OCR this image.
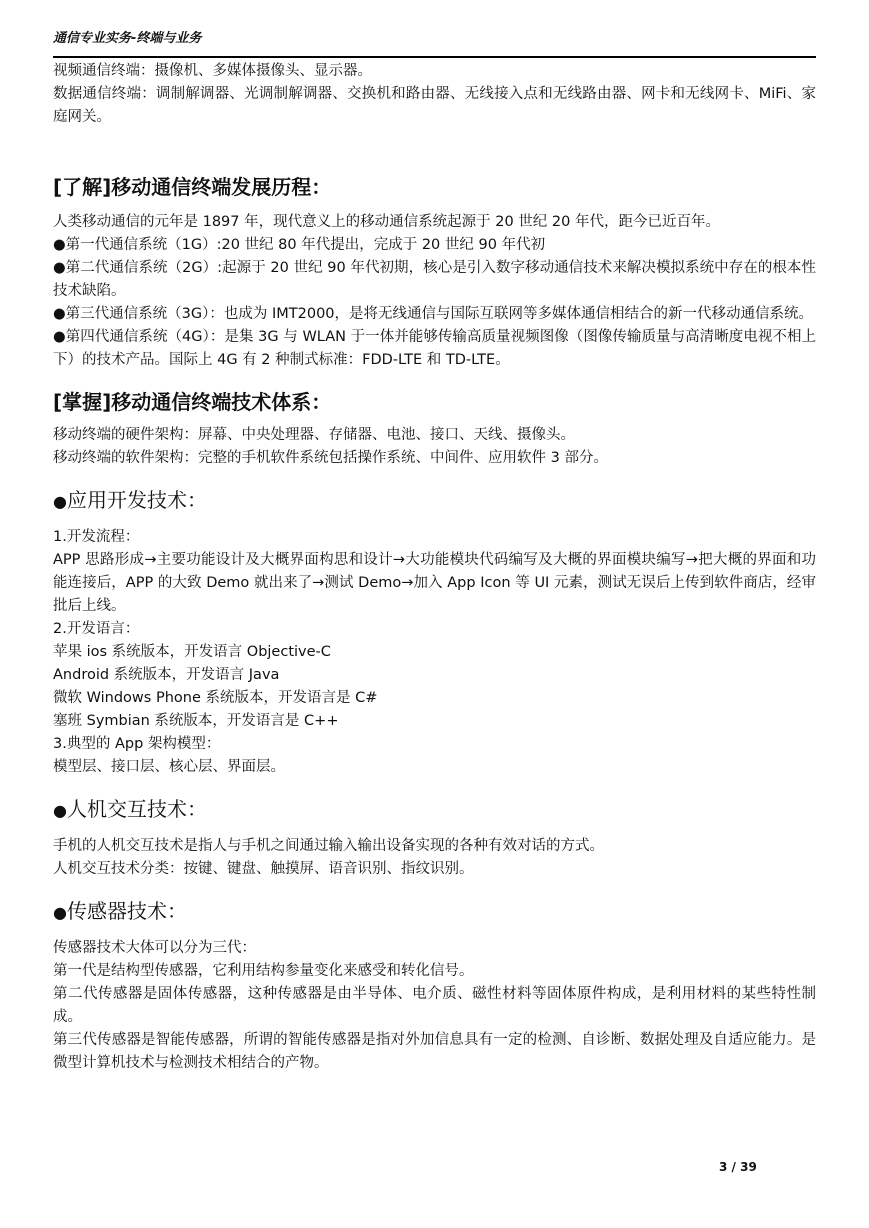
通信专业实务-终端与业务

视频通信终端：摄像机、多媒体摄像头、显示器。

数据通信终端：调制解调器、光调制解调器、交换机和路由器、无线接入点和无线路由器、网卡和无线网卡、MiFi、家庭网关。

[了解]移动通信终端发展历程：

人类移动通信的元年是 1897 年，现代意义上的移动通信系统起源于 20 世纪 20 年代，距今已近百年。

●第一代通信系统（1G）:20 世纪 80 年代提出，完成于 20 世纪 90 年代初

●第二代通信系统（2G）:起源于 20 世纪 90 年代初期，核心是引入数字移动通信技术来解决模拟系统中存在的根本性技术缺陷。

●第三代通信系统（3G）：也成为 IMT2000，是将无线通信与国际互联网等多媒体通信相结合的新一代移动通信系统。

●第四代通信系统（4G）：是集 3G 与 WLAN 于一体并能够传输高质量视频图像（图像传输质量与高清晰度电视不相上下）的技术产品。国际上 4G 有 2 种制式标准：FDD-LTE 和 TD-LTE。

[掌握]移动通信终端技术体系：

移动终端的硬件架构：屏幕、中央处理器、存储器、电池、接口、天线、摄像头。

移动终端的软件架构：完整的手机软件系统包括操作系统、中间件、应用软件 3 部分。

●应用开发技术：

1.开发流程：

APP 思路形成→主要功能设计及大概界面构思和设计→大功能模块代码编写及大概的界面模块编写→把大概的界面和功能连接后，APP 的大致 Demo 就出来了→测试 Demo→加入 App Icon 等 UI 元素，测试无误后上传到软件商店，经审批后上线。

2.开发语言：

苹果 ios 系统版本，开发语言 Objective-C

Android 系统版本，开发语言 Java

微软 Windows Phone 系统版本，开发语言是 C#

塞班 Symbian 系统版本，开发语言是 C++

3.典型的 App 架构模型：

模型层、接口层、核心层、界面层。

●人机交互技术：

手机的人机交互技术是指人与手机之间通过输入输出设备实现的各种有效对话的方式。

人机交互技术分类：按键、键盘、触摸屏、语音识别、指纹识别。

●传感器技术：

传感器技术大体可以分为三代：

第一代是结构型传感器，它利用结构参量变化来感受和转化信号。

第二代传感器是固体传感器，这种传感器是由半导体、电介质、磁性材料等固体原件构成，是利用材料的某些特性制成。

第三代传感器是智能传感器，所谓的智能传感器是指对外加信息具有一定的检测、自诊断、数据处理及自适应能力。是微型计算机技术与检测技术相结合的产物。

3 / 39
